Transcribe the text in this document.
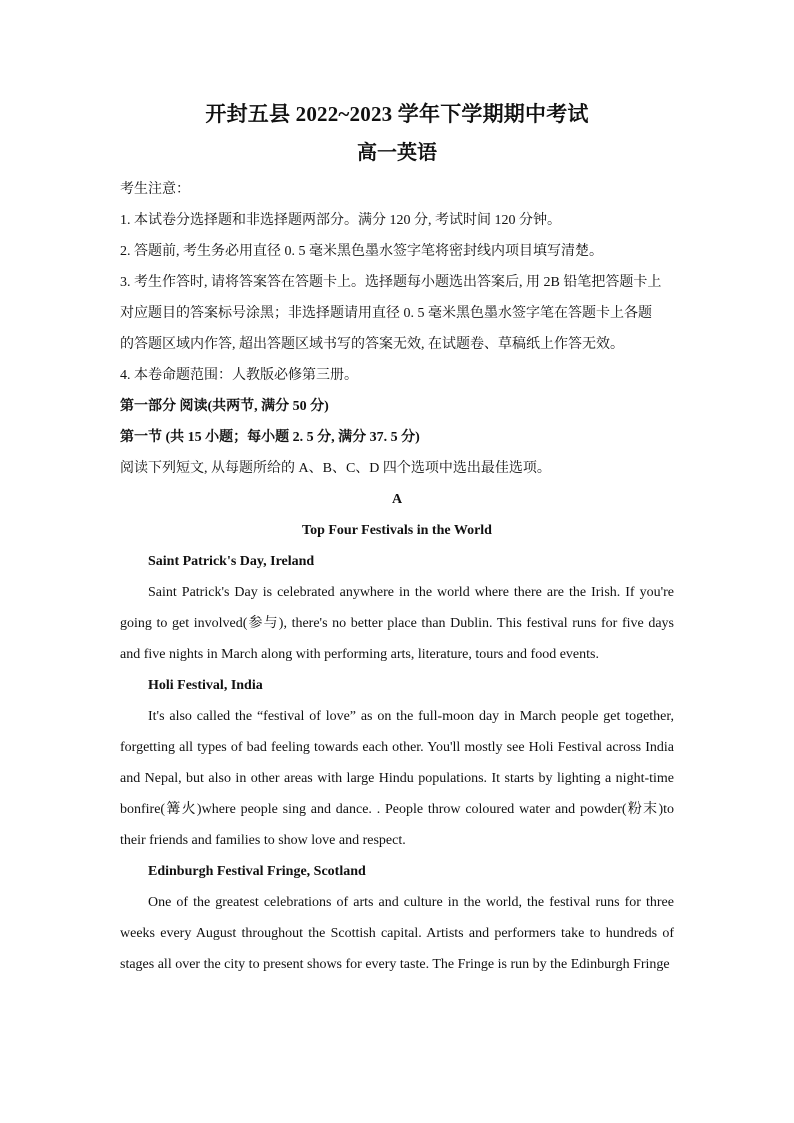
开封五县 2022~2023 学年下学期期中考试
高一英语
考生注意：
1. 本试卷分选择题和非选择题两部分。满分 120 分, 考试时间 120 分钟。
2. 答题前, 考生务必用直径 0. 5 毫米黑色墨水签字笔将密封线内项目填写清楚。
3. 考生作答时, 请将答案答在答题卡上。选择题每小题选出答案后, 用 2B 铅笔把答题卡上
对应题目的答案标号涂黑；非选择题请用直径 0. 5 毫米黑色墨水签字笔在答题卡上各题
的答题区域内作答, 超出答题区域书写的答案无效, 在试题卷、草稿纸上作答无效。
4. 本卷命题范围：人教版必修第三册。
第一部分 阅读(共两节, 满分 50 分)
第一节 (共 15 小题；每小题 2. 5 分, 满分 37. 5 分)
阅读下列短文, 从每题所给的 A、B、C、D 四个选项中选出最佳选项。
A
Top Four Festivals in the World
Saint Patrick's Day, Ireland

Saint Patrick's Day is celebrated anywhere in the world where there are the Irish. If you're going to get involved(参与), there's no better place than Dublin. This festival runs for five days and five nights in March along with performing arts, literature, tours and food events.

Holi Festival, India

It's also called the “festival of love” as on the full-moon day in March people get together, forgetting all types of bad feeling towards each other. You'll mostly see Holi Festival across India and Nepal, but also in other areas with large Hindu populations. It starts by lighting a night-time bonfire(篝火)where people sing and dance. . People throw coloured water and powder(粉末)to their friends and families to show love and respect.

Edinburgh Festival Fringe, Scotland

One of the greatest celebrations of arts and culture in the world, the festival runs for three weeks every August throughout the Scottish capital. Artists and performers take to hundreds of stages all over the city to present shows for every taste. The Fringe is run by the Edinburgh Fringe
